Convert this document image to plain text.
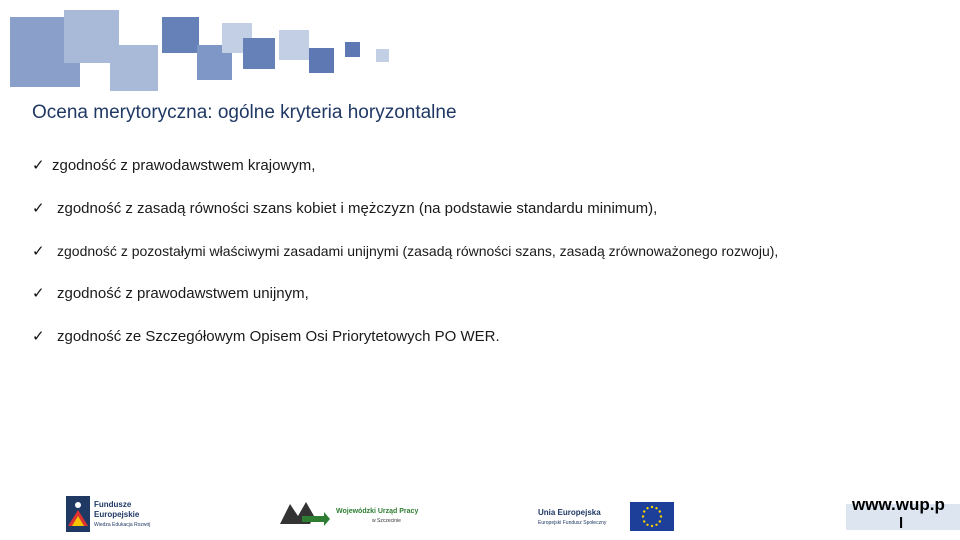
Ocena merytoryczna: ogólne kryteria horyzontalne
✓ zgodność z prawodawstwem krajowym,
✓ zgodność z zasadą równości szans kobiet i mężczyzn (na podstawie standardu minimum),
✓ zgodność z pozostałymi właściwymi zasadami unijnymi (zasadą równości szans, zasadą zrównoważonego rozwoju),
✓ zgodność z prawodawstwem unijnym,
✓ zgodność ze Szczegółowym Opisem Osi Priorytetowych PO WER.
Fundusze
Europejskie
Wiedza Edukacja Rozwój
Wojewódzki Urząd Pracy
w Szczecinie
Unia Europejska
Europejski Fundusz Społeczny
www.wup.p
l
